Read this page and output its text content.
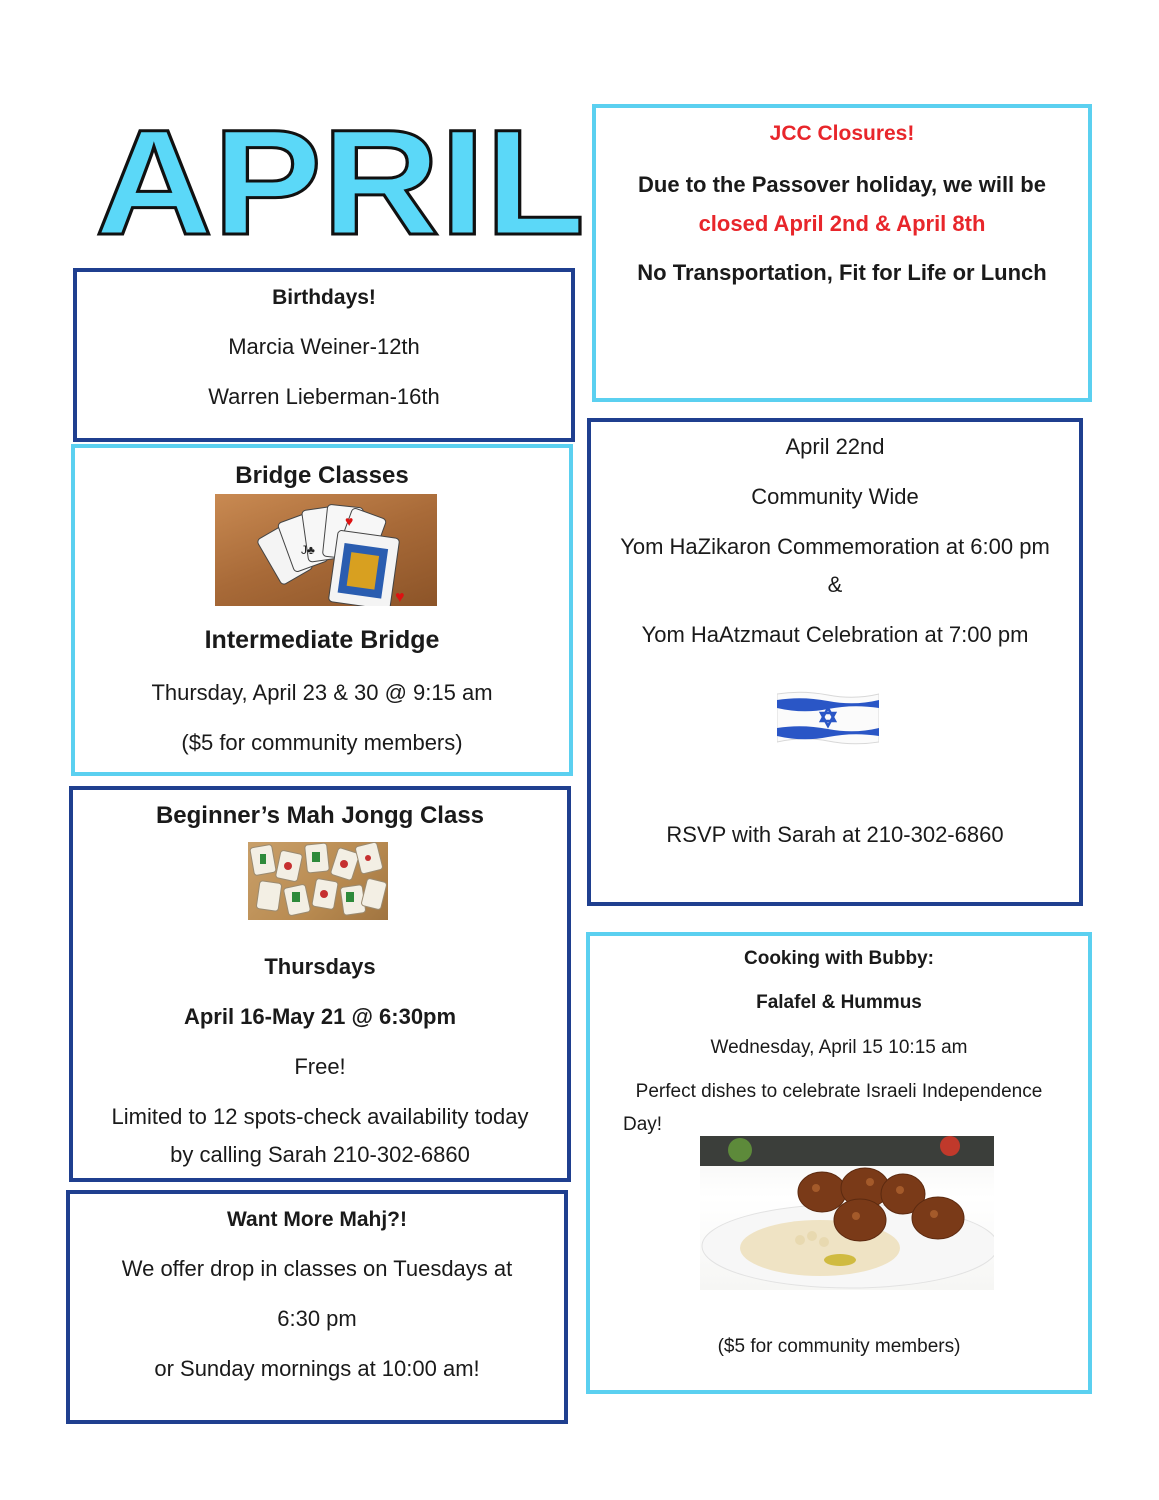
APRIL	JCC Closures!
Due to the Passover holiday, we will be
closed April 2nd & April 8th
No Transportation, Fit for Life or Lunch
Birthdays!
Marcia Weiner-12th
Warren Lieberman-16th
Bridge Classes
♥
♥
J♣
Intermediate Bridge
Thursday, April 23 & 30 @ 9:15 am
($5 for community members)
April 22nd
Community Wide
Yom HaZikaron Commemoration at 6:00 pm
&
Yom HaAtzmaut Celebration at 7:00 pm
RSVP with Sarah at 210-302-6860
Beginner’s Mah Jongg Class
Thursdays
April 16-May 21 @ 6:30pm
Free!
Limited to 12 spots-check availability today
by calling Sarah 210-302-6860
Want More Mahj?!
We offer drop in classes on Tuesdays at
6:30 pm
or Sunday mornings at 10:00 am!
Cooking with Bubby:
Falafel & Hummus
Wednesday, April 15 10:15 am
Perfect dishes to celebrate Israeli Independence
Day!
($5 for community members)
